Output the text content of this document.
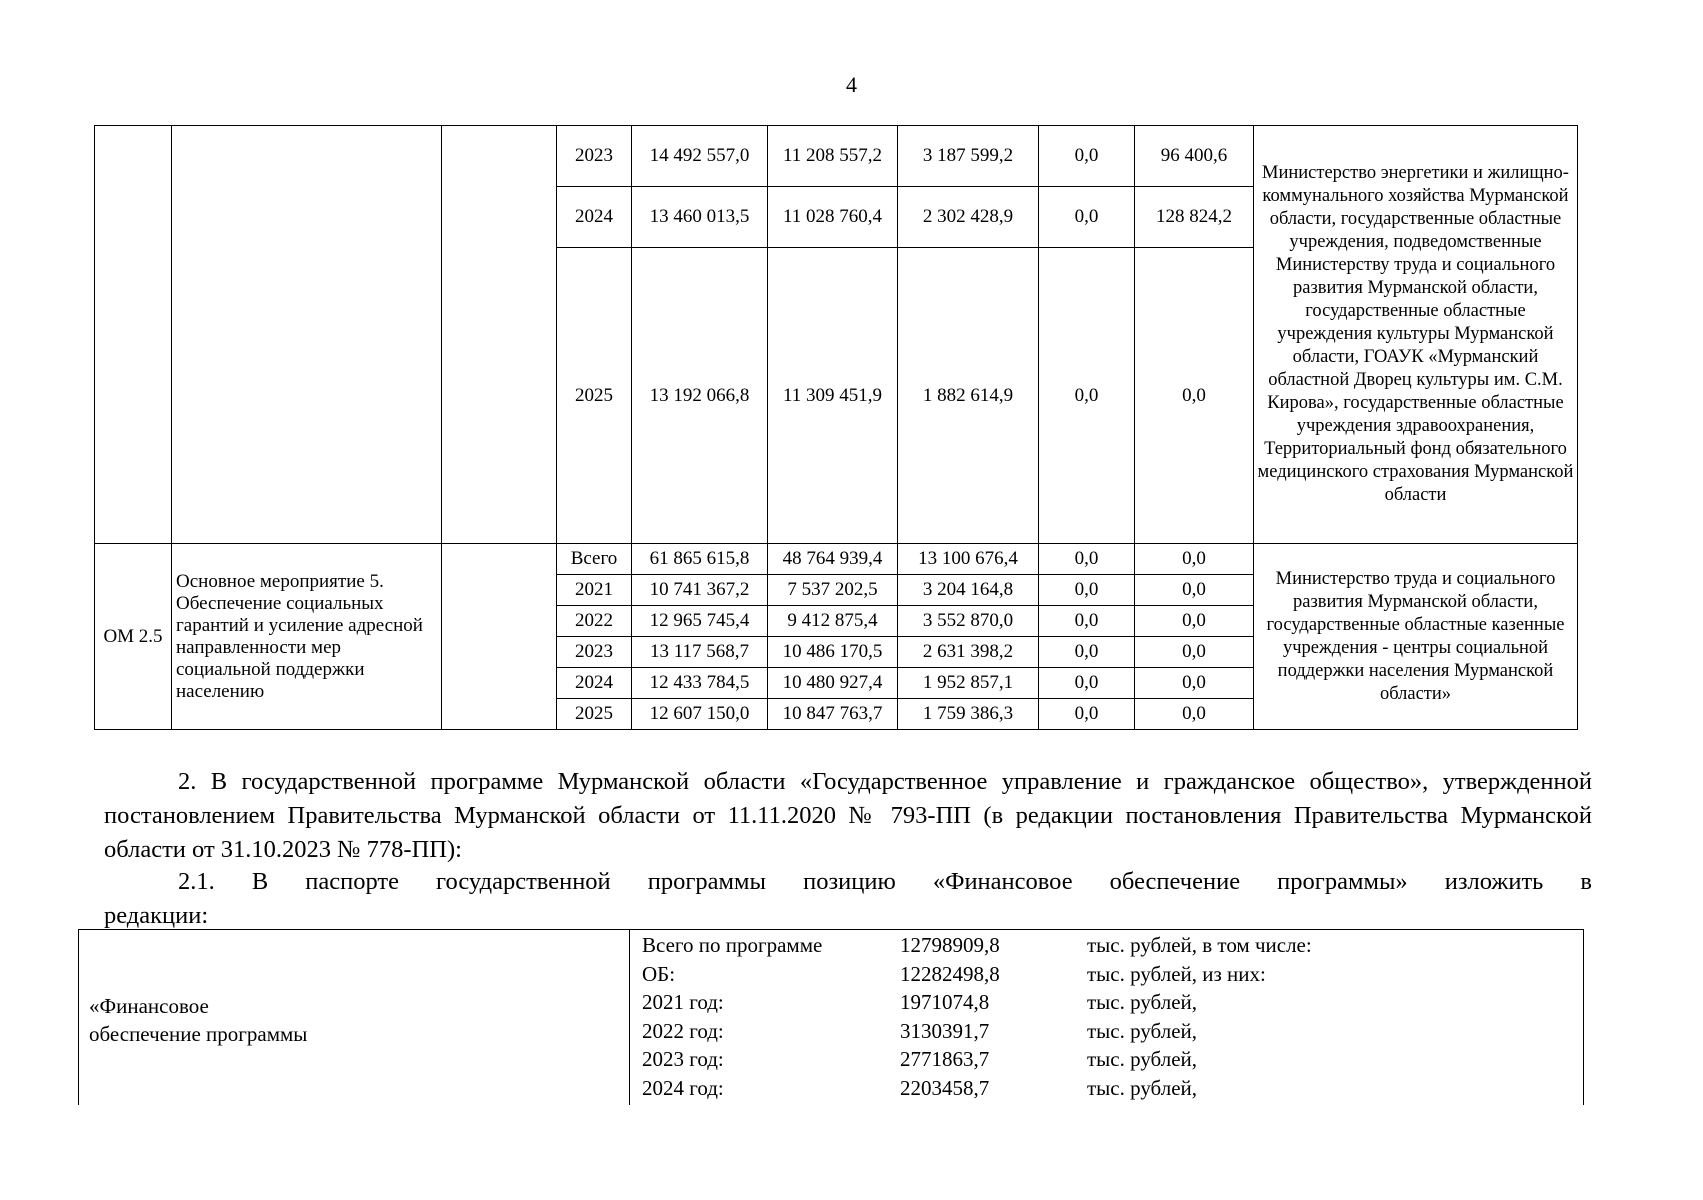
4
			2023	14 492 557,0	11 208 557,2	3 187 599,2	0,0	96 400,6	Министерство энергетики и жилищно-коммунального хозяйства Мурманской области, государственные областные учреждения, подведомственные Министерству труда и социального развития Мурманской области, государственные областные учреждения культуры Мурманской области, ГОАУК «Мурманский областной Дворец культуры им. С.М. Кирова», государственные областные учреждения здравоохранения, Территориальный фонд обязательного медицинского страхования Мурманской области
			2024	13 460 013,5	11 028 760,4	2 302 428,9	0,0	128 824,2	
			2025	13 192 066,8	11 309 451,9	1 882 614,9	0,0	0,0	
ОМ 2.5	Основное мероприятие 5. Обеспечение социальных гарантий и усиление адресной направленности мер социальной поддержки населению		Всего	61 865 615,8	48 764 939,4	13 100 676,4	0,0	0,0	Министерство труда и социального развития Мурманской области, государственные областные казенные учреждения - центры социальной поддержки населения Мурманской области»
			2021	10 741 367,2	7 537 202,5	3 204 164,8	0,0	0,0	
			2022	12 965 745,4	9 412 875,4	3 552 870,0	0,0	0,0	
			2023	13 117 568,7	10 486 170,5	2 631 398,2	0,0	0,0	
			2024	12 433 784,5	10 480 927,4	1 952 857,1	0,0	0,0	
			2025	12 607 150,0	10 847 763,7	1 759 386,3	0,0	0,0	
2. В государственной программе Мурманской области «Государственное управление и гражданское общество», утвержденной постановлением Правительства Мурманской области от 11.11.2020 № 793-ПП (в редакции постановления Правительства Мурманской области от 31.10.2023 № 778-ПП):
2.1. В паспорте государственной программы позицию «Финансовое обеспечение программы» изложить в
редакции:
«Финансовое
обеспечение программы
Всего по программе	12798909,8	тыс. рублей, в том числе:
ОБ:	12282498,8	тыс. рублей, из них:
2021 год:	1971074,8	тыс. рублей,
2022 год:	3130391,7	тыс. рублей,
2023 год:	2771863,7	тыс. рублей,
2024 год:	2203458,7	тыс. рублей,
